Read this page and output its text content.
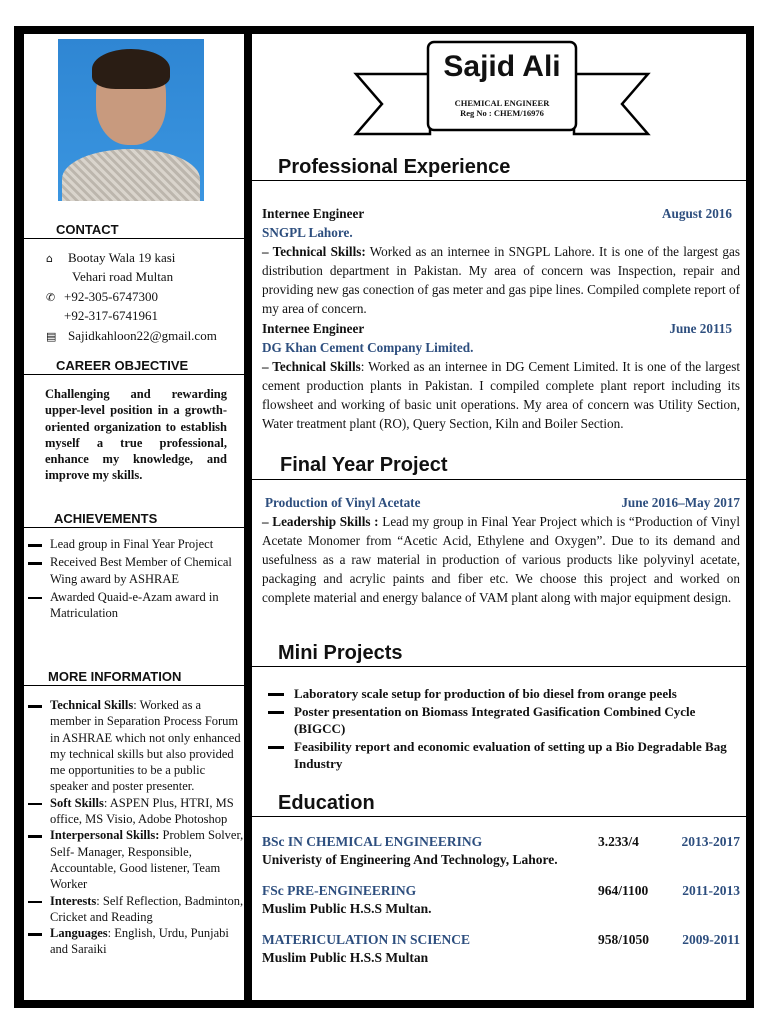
CONTACT
⌂ Bootay Wala 19 kasi
Vehari road Multan
✆ +92-305-6747300
+92-317-6741961
▤ Sajidkahloon22@gmail.com
CAREER OBJECTIVE
Challenging and rewarding upper-level position in a growth-oriented organization to establish myself a true professional, enhance my knowledge, and improve my skills.
ACHIEVEMENTS
Lead group in Final Year Project
Received Best Member of Chemical Wing award by ASHRAE
Awarded Quaid-e-Azam award in Matriculation
MORE INFORMATION
Technical Skills: Worked as a member in Separation Process Forum in ASHRAE which not only enhanced my technical skills but also provided me opportunities to be a public speaker and poster presenter.
Soft Skills: ASPEN Plus, HTRI, MS office, MS Visio, Adobe Photoshop
Interpersonal Skills: Problem Solver, Self- Manager, Responsible, Accountable, Good listener, Team Worker
Interests: Self Reflection, Badminton, Cricket and Reading
Languages: English, Urdu, Punjabi and Saraiki
Sajid Ali
CHEMICAL ENGINEER
Reg No : CHEM/16976
Professional Experience
Internee Engineer	August 2016
SNGPL Lahore.
– Technical Skills: Worked as an internee in SNGPL Lahore. It is one of the largest gas distribution department in Pakistan. My area of concern was Inspection, repair and providing new gas conection of gas meter and gas pipe lines. Compiled complete report of my area of concern.
Internee Engineer	June 20115
DG Khan Cement Company Limited.
– Technical Skills: Worked as an internee in DG Cement Limited. It is one of the largest cement production plants in Pakistan. I compiled complete plant report including its flowsheet and working of basic unit operations. My area of concern was Utility Section, Water treatment plant (RO), Query Section, Kiln and Boiler Section.
Final Year Project
Production of Vinyl Acetate	June 2016–May 2017
– Leadership Skills : Lead my group in Final Year Project which is “Production of Vinyl Acetate Monomer from “Acetic Acid, Ethylene and Oxygen”. Due to its demand and usefulness as a raw material in production of various products like polyvinyl acetate, packaging and acrylic paints and fiber etc. We choose this project and worked on complete material and energy balance of VAM plant along with major equipment design.
Mini Projects
Laboratory scale setup for production of bio diesel from orange peels
Poster presentation on Biomass Integrated Gasification Combined Cycle (BIGCC)
Feasibility report and economic evaluation of setting up a Bio Degradable Bag Industry
Education
BSc IN CHEMICAL ENGINEERING	3.233/4	2013-2017
Univeristy of Engineering And Technology, Lahore.
FSc PRE-ENGINEERING	964/1100	2011-2013
Muslim Public H.S.S Multan.
MATERICULATION IN SCIENCE	958/1050 2009-2011
Muslim Public H.S.S Multan
